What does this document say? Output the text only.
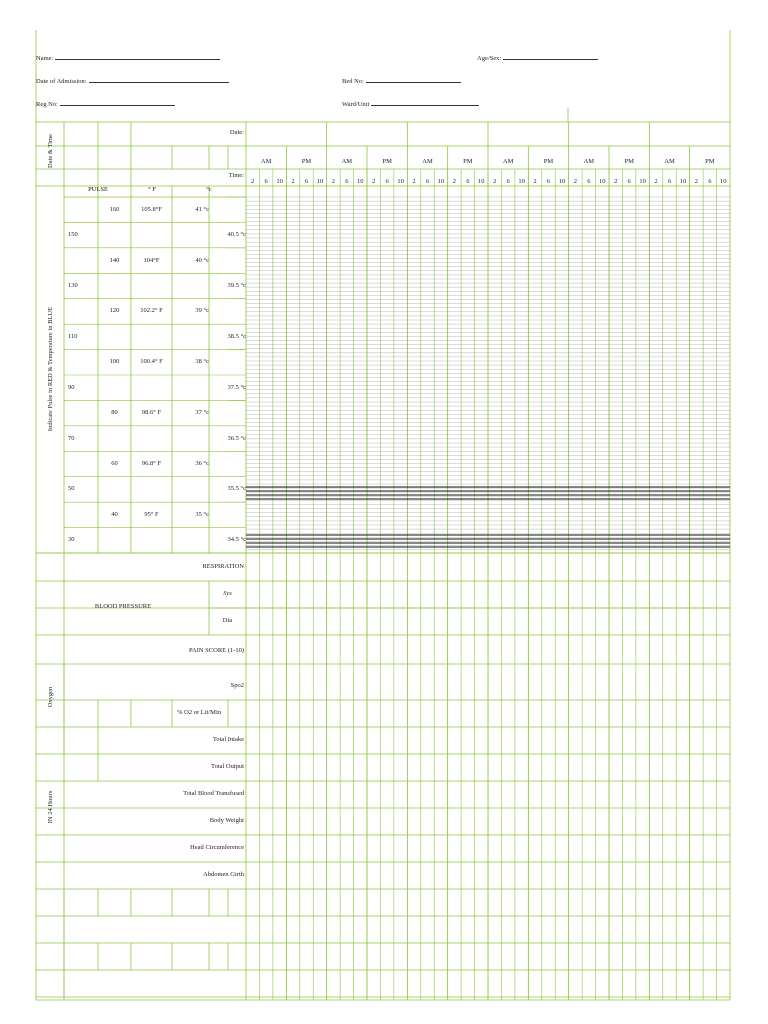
Name:	Age/Sex:
Date of Admission:	Bed No:
Reg No:	Ward/Unit
Date & Time
Date:
Time:
AM	PM
2	6	10	2	6	10
AM	PM
2	6	10	2	6	10
AM	PM
2	6	10	2	6	10
AM	PM
2	6	10	2	6	10
AM	PM
2	6	10	2	6	10
AM	PM
2	6	10	2	6	10
Indicate Pulse in RED & Temperature in BLUE
PULSE	° F	°c
160	105.8°F	41 °c
150	40.5 °c
140	104°F	40 °c
130	39.5 °c
120	102.2° F	39 °c
110	38.5 °c
100	100.4° F	38 °c
90	37.5 °c
80	98.6° F	37 °c
70	36.5 °c
60	96.8° F	36 °c
50	35.5 °c
40	95° F	35 °c
30	34.5 °c
RESPIRATION
BLOOD PRESSURE
Sys
Dia
PAIN SCORE (1-10)
Oxygen
Spo2
% O2 or Lit/Min
IN 24 Hours
Total Intake
Total Output
Total Blood Transfused
Body Weight
Head Circumference
Abdomen Girth
